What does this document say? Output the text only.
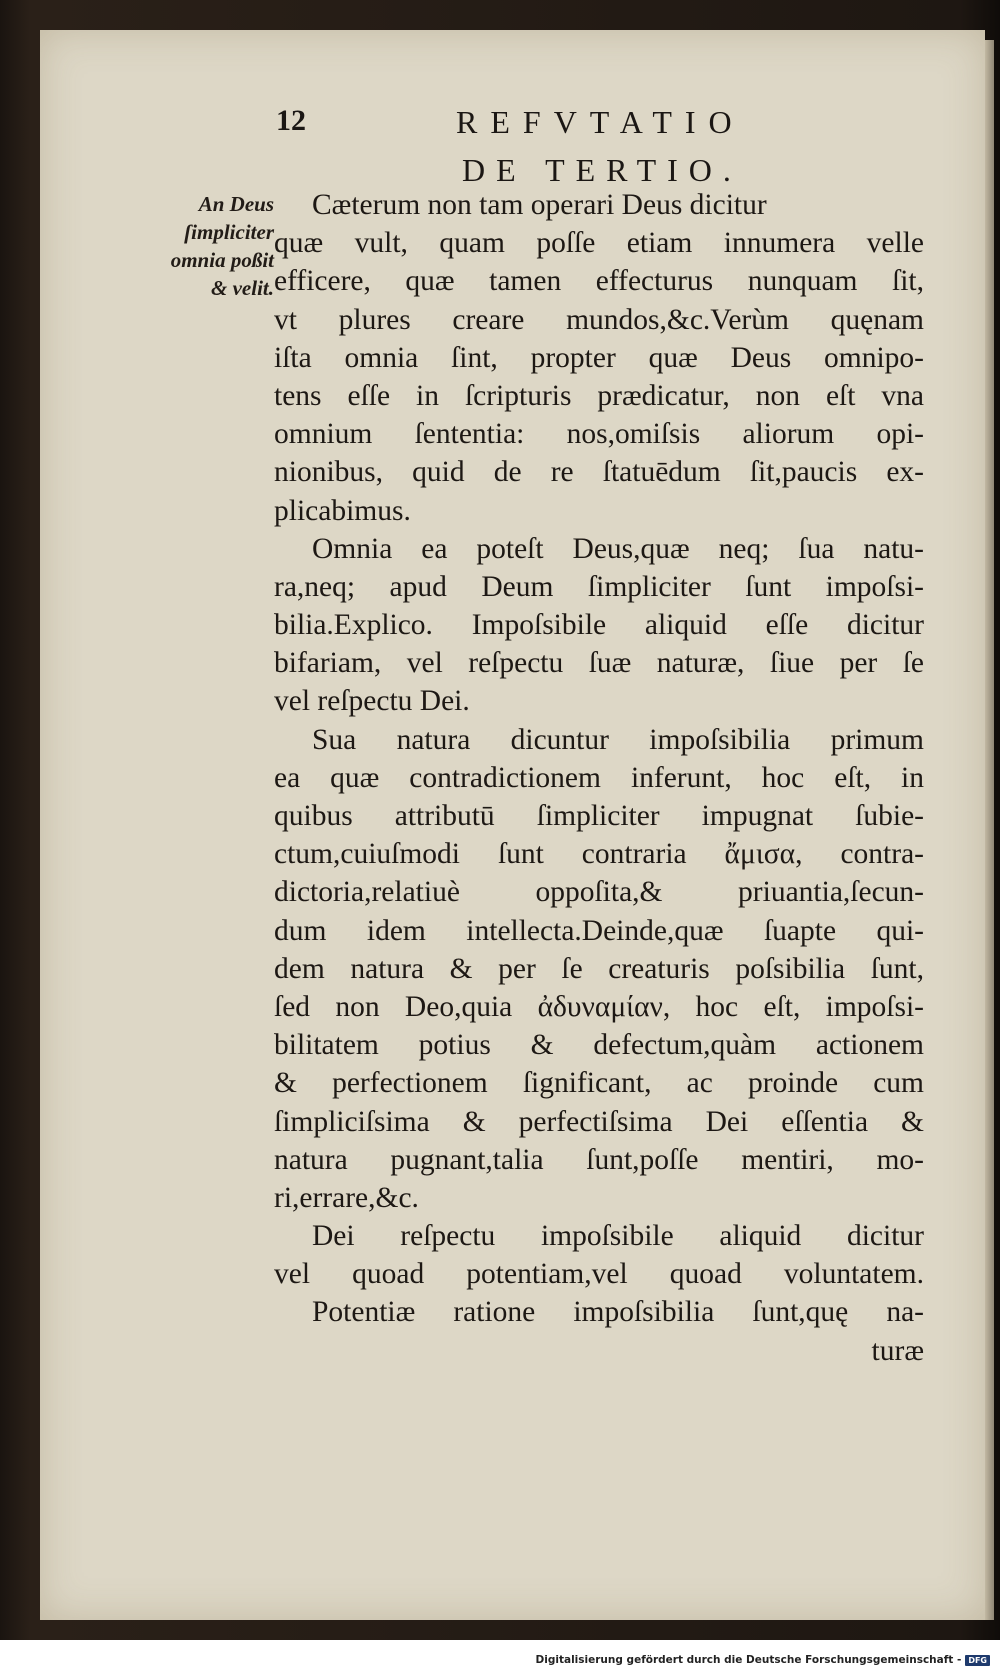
12	REFVTATIO
DE TERTIO.
An Deus
ſimpliciter
omnia poßit
& velit.
Cæterum non tam operari Deus dicitur
quæ vult, quam poſſe etiam innumera velle
efficere, quæ tamen effecturus nunquam ſit,
vt plures creare mundos,&c.Verùm quęnam
iſta omnia ſint, propter quæ Deus omnipo-
tens eſſe in ſcripturis prædicatur, non eſt vna
omnium ſententia: nos,omiſsis aliorum opi-
nionibus, quid de re ſtatuēdum ſit,paucis ex-
plicabimus.
Omnia ea poteſt Deus,quæ neq; ſua natu-
ra,neq; apud Deum ſimpliciter ſunt impoſsi-
bilia.Explico. Impoſsibile aliquid eſſe dicitur
bifariam, vel reſpectu ſuæ naturæ, ſiue per ſe
vel reſpectu Dei.
Sua natura dicuntur impoſsibilia primum
ea quæ contradictionem inferunt, hoc eſt, in
quibus attributū ſimpliciter impugnat ſubie-
ctum,cuiuſmodi ſunt contraria ἄμισα, contra-
dictoria,relatiuè oppoſita,& priuantia,ſecun-
dum idem intellecta.Deinde,quæ ſuapte qui-
dem natura & per ſe creaturis poſsibilia ſunt,
ſed non Deo,quia ἀδυναμίαν, hoc eſt, impoſsi-
bilitatem potius & defectum,quàm actionem
& perfectionem ſignificant, ac proinde cum
ſimpliciſsima & perfectiſsima Dei eſſentia &
natura pugnant,talia ſunt,poſſe mentiri, mo-
ri,errare,&c.
Dei reſpectu impoſsibile aliquid dicitur
vel quoad potentiam,vel quoad voluntatem.
Potentiæ ratione impoſsibilia ſunt,quę na-
turæ
Digitalisierung gefördert durch die Deutsche Forschungsgemeinschaft - DFG
